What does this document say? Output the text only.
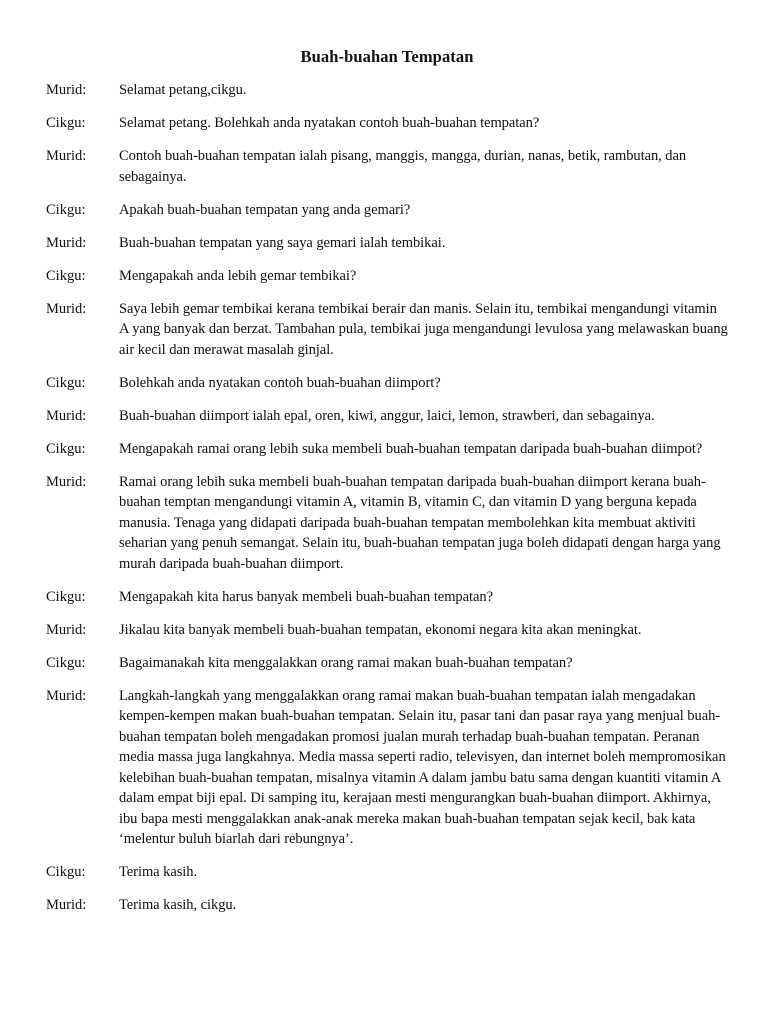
Buah-buahan Tempatan
Murid:	Selamat petang,cikgu.
Cikgu:	Selamat petang. Bolehkah anda nyatakan contoh buah-buahan tempatan?
Murid:	Contoh buah-buahan tempatan ialah pisang, manggis, mangga, durian, nanas, betik, rambutan, dan sebagainya.
Cikgu:	Apakah buah-buahan tempatan yang anda gemari?
Murid:	Buah-buahan tempatan yang saya gemari ialah tembikai.
Cikgu:	Mengapakah anda lebih gemar tembikai?
Murid:	Saya lebih gemar tembikai kerana tembikai berair dan manis. Selain itu, tembikai mengandungi vitamin A yang banyak dan berzat. Tambahan pula, tembikai juga mengandungi levulosa yang melawaskan buang air kecil dan merawat masalah ginjal.
Cikgu:	Bolehkah anda nyatakan contoh buah-buahan diimport?
Murid:	Buah-buahan diimport ialah epal, oren, kiwi, anggur, laici, lemon, strawberi, dan sebagainya.
Cikgu:	Mengapakah ramai orang lebih suka membeli buah-buahan tempatan daripada buah-buahan diimpot?
Murid:	Ramai orang lebih suka membeli buah-buahan tempatan daripada buah-buahan diimport kerana buah-buahan temptan mengandungi vitamin A, vitamin B, vitamin C, dan vitamin D yang berguna kepada manusia. Tenaga yang didapati daripada buah-buahan tempatan membolehkan kita membuat aktiviti seharian yang penuh semangat. Selain itu, buah-buahan tempatan juga boleh didapati dengan harga yang murah daripada buah-buahan diimport.
Cikgu:	Mengapakah kita harus banyak membeli buah-buahan tempatan?
Murid:	Jikalau kita banyak membeli buah-buahan tempatan, ekonomi negara kita akan meningkat.
Cikgu:	Bagaimanakah kita menggalakkan orang ramai makan buah-buahan tempatan?
Murid:	Langkah-langkah yang menggalakkan orang ramai makan buah-buahan tempatan ialah mengadakan kempen-kempen makan buah-buahan tempatan. Selain itu, pasar tani dan pasar raya yang menjual buah-buahan tempatan boleh mengadakan promosi jualan murah terhadap buah-buahan tempatan. Peranan media massa juga langkahnya. Media massa seperti radio, televisyen, dan internet boleh mempromosikan kelebihan buah-buahan tempatan, misalnya vitamin A dalam jambu batu sama dengan kuantiti vitamin A dalam empat biji epal. Di samping itu, kerajaan mesti mengurangkan buah-buahan diimport. Akhirnya, ibu bapa mesti menggalakkan anak-anak mereka makan buah-buahan tempatan sejak kecil, bak kata ‘melentur buluh biarlah dari rebungnya’.
Cikgu:	Terima kasih.
Murid:	Terima kasih, cikgu.
